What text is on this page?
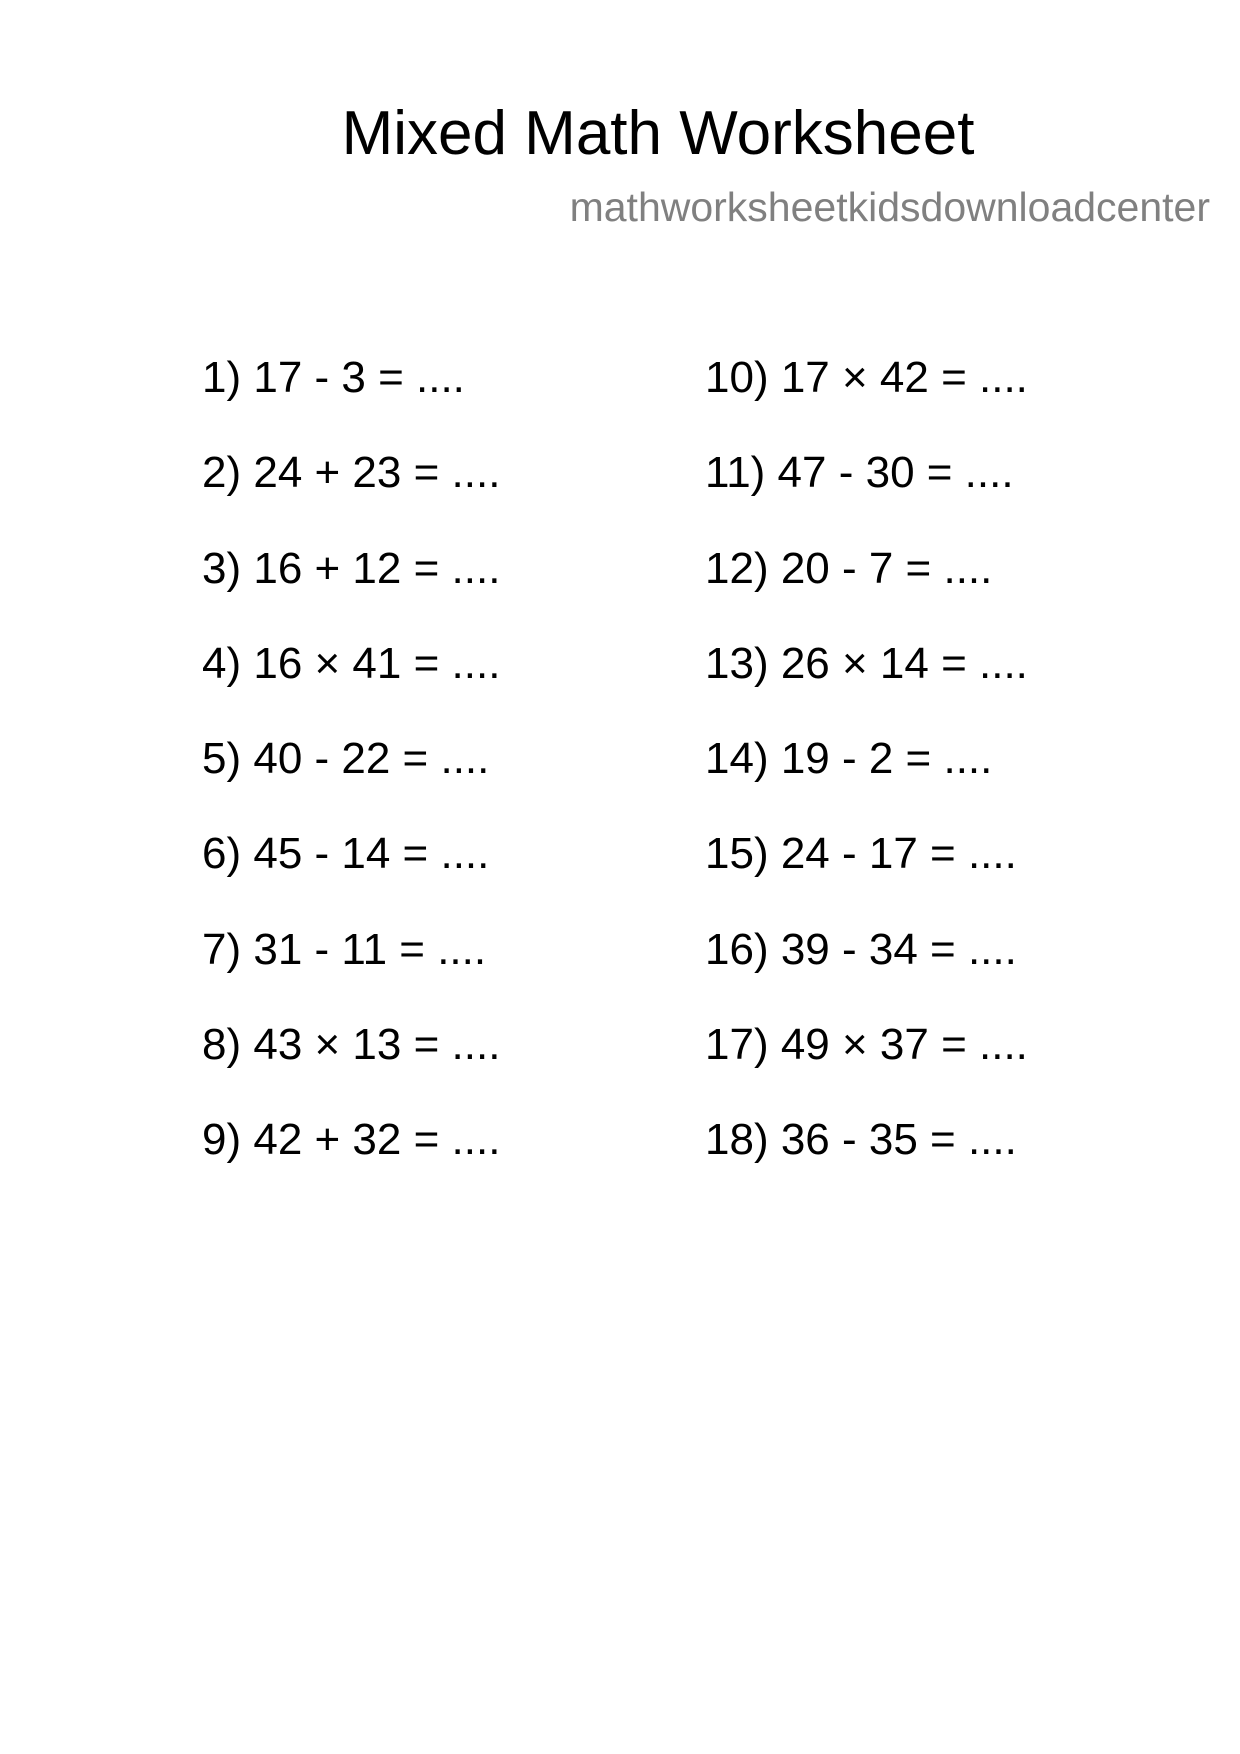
Mixed Math Worksheet
mathworksheetkidsdownloadcenter
1) 17 - 3 = ....
2) 24 + 23 = ....
3) 16 + 12 = ....
4) 16 × 41 = ....
5) 40 - 22 = ....
6) 45 - 14 = ....
7) 31 - 11 = ....
8) 43 × 13 = ....
9) 42 + 32 = ....
10) 17 × 42 = ....
11) 47 - 30 = ....
12) 20 - 7 = ....
13) 26 × 14 = ....
14) 19 - 2 = ....
15) 24 - 17 = ....
16) 39 - 34 = ....
17) 49 × 37 = ....
18) 36 - 35 = ....
